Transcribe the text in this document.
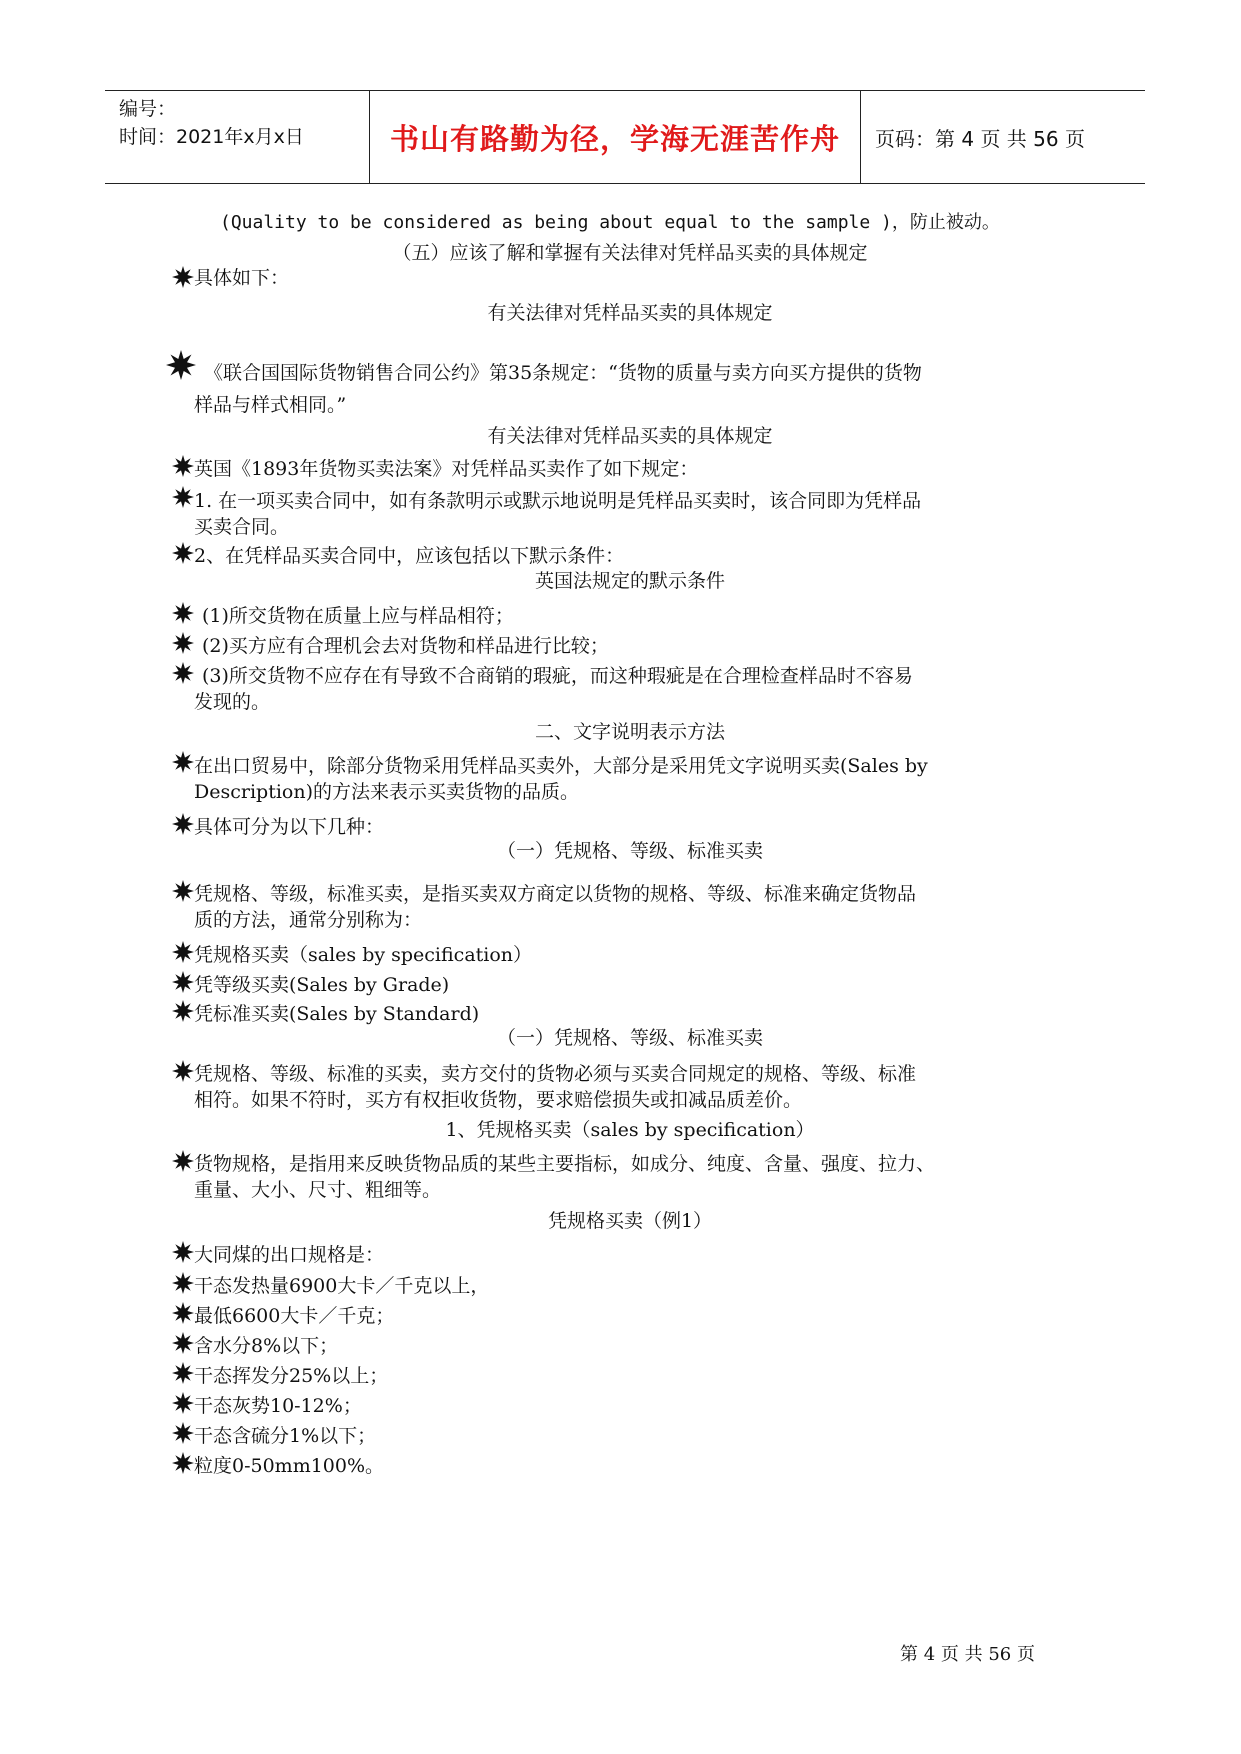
编号：
时间：2021年x月x日	书山有路勤为径，学海无涯苦作舟	页码：第 4 页 共 56 页
(Quality to be considered as being about equal to the sample )，防止被动。
（五）应该了解和掌握有关法律对凭样品买卖的具体规定
具体如下：
有关法律对凭样品买卖的具体规定
《联合国国际货物销售合同公约》第35条规定：“货物的质量与卖方向买方提供的货物
样品与样式相同。”
有关法律对凭样品买卖的具体规定
英国《1893年货物买卖法案》对凭样品买卖作了如下规定：
1. 在一项买卖合同中，如有条款明示或默示地说明是凭样品买卖时，该合同即为凭样品
买卖合同。
2、在凭样品买卖合同中，应该包括以下默示条件：
英国法规定的默示条件
(1)所交货物在质量上应与样品相符；
(2)买方应有合理机会去对货物和样品进行比较；
(3)所交货物不应存在有导致不合商销的瑕疵，而这种瑕疵是在合理检查样品时不容易
发现的。
二、文字说明表示方法
在出口贸易中，除部分货物采用凭样品买卖外，大部分是采用凭文字说明买卖(Sales by
Description)的方法来表示买卖货物的品质。
具体可分为以下几种：
（一）凭规格、等级、标准买卖
凭规格、等级，标准买卖，是指买卖双方商定以货物的规格、等级、标准来确定货物品
质的方法，通常分别称为：
凭规格买卖（sales by specification）
凭等级买卖(Sales by Grade)
凭标准买卖(Sales by Standard)
（一）凭规格、等级、标准买卖
凭规格、等级、标准的买卖，卖方交付的货物必须与买卖合同规定的规格、等级、标准
相符。如果不符时，买方有权拒收货物，要求赔偿损失或扣减品质差价。
1、凭规格买卖（sales by specification）
货物规格，是指用来反映货物品质的某些主要指标，如成分、纯度、含量、强度、拉力、
重量、大小、尺寸、粗细等。
凭规格买卖（例1）
大同煤的出口规格是：
干态发热量6900大卡／千克以上，
最低6600大卡／千克；
含水分8%以下；
干态挥发分25%以上；
干态灰势10-12%；
干态含硫分1%以下；
粒度0-50mm100%。
第 4 页 共 56 页
